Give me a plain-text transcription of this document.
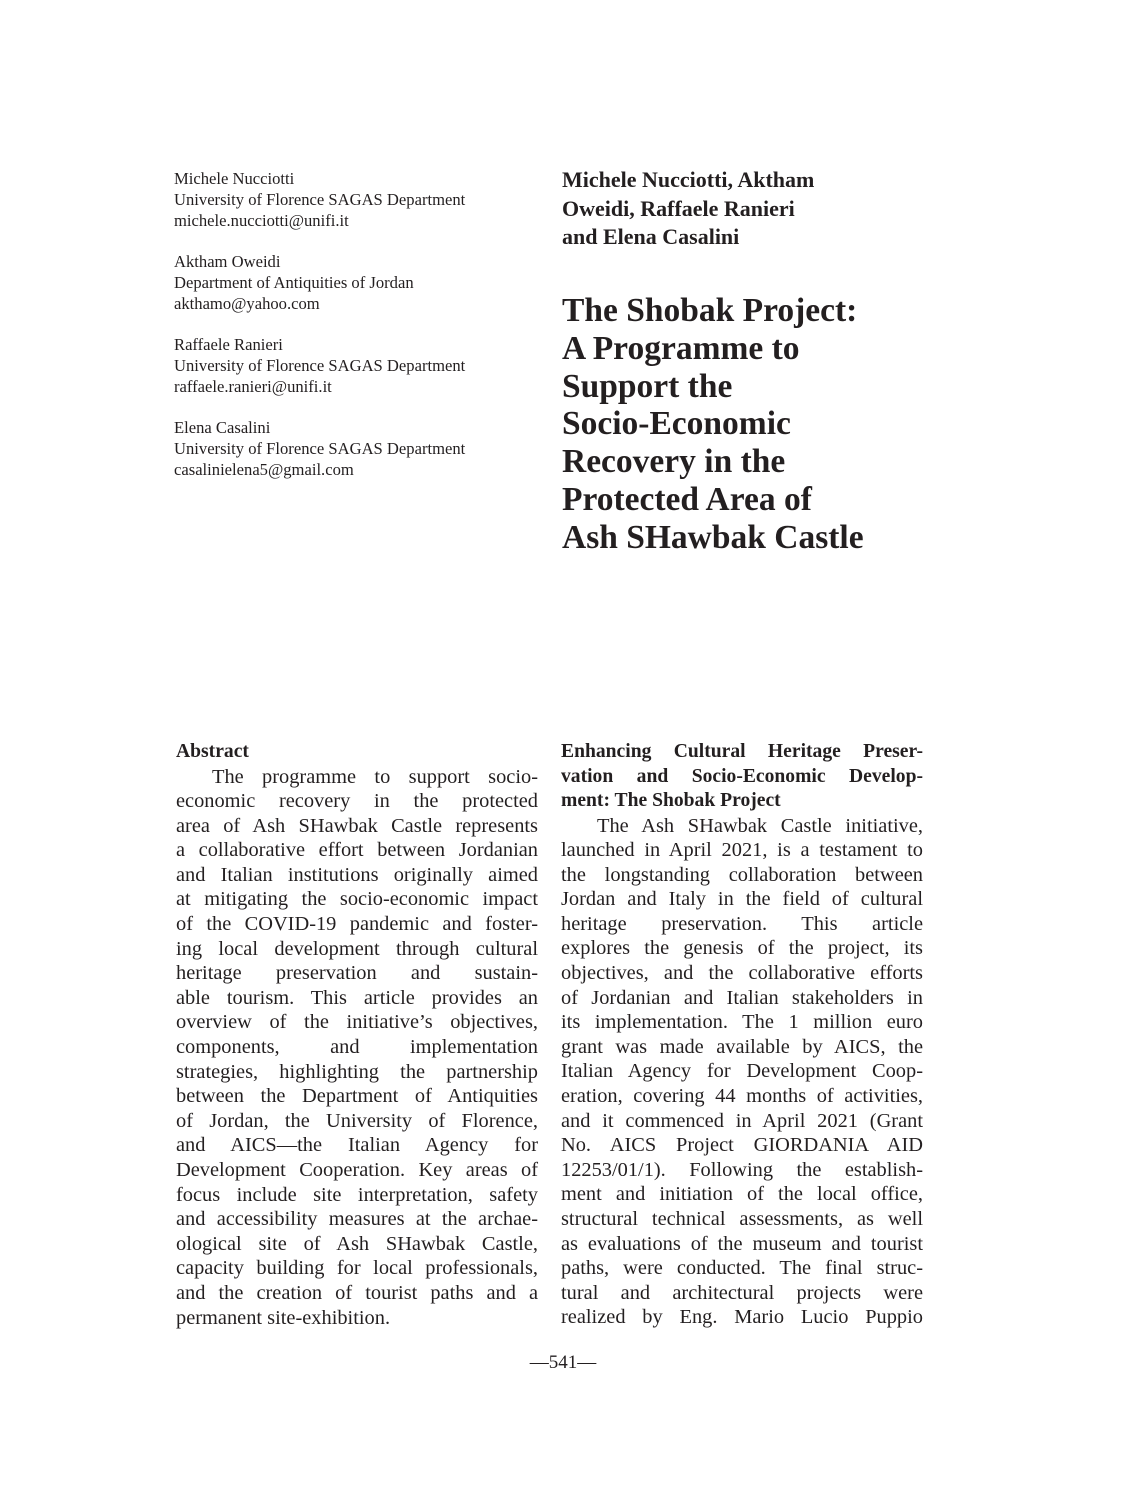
Michele Nucciotti
University of Florence SAGAS Department
michele.nucciotti@unifi.it
Aktham Oweidi
Department of Antiquities of Jordan
akthamo@yahoo.com
Raffaele Ranieri
University of Florence SAGAS Department
raffaele.ranieri@unifi.it
Elena Casalini
University of Florence SAGAS Department
casalinielena5@gmail.com
Michele Nucciotti, Aktham
Oweidi, Raffaele Ranieri
and Elena Casalini
The Shobak Project:
A Programme to
Support the
Socio-Economic
Recovery in the
Protected Area of
Ash SHawbak Castle
Abstract
The programme to support socio-
economic recovery in the protected
area of Ash SHawbak Castle represents
a collaborative effort between Jordanian
and Italian institutions originally aimed
at mitigating the socio-economic impact
of the COVID-19 pandemic and foster-
ing local development through cultural
heritage preservation and sustain-
able tourism. This article provides an
overview of the initiative’s objectives,
components, and implementation
strategies, highlighting the partnership
between the Department of Antiquities
of Jordan, the University of Florence,
and AICS—the Italian Agency for
Development Cooperation. Key areas of
focus include site interpretation, safety
and accessibility measures at the archae-
ological site of Ash SHawbak Castle,
capacity building for local professionals,
and the creation of tourist paths and a
permanent site-exhibition.
Enhancing Cultural Heritage Preser-
vation and Socio-Economic Develop-
ment: The Shobak Project
The Ash SHawbak Castle initiative,
launched in April 2021, is a testament to
the longstanding collaboration between
Jordan and Italy in the field of cultural
heritage preservation. This article
explores the genesis of the project, its
objectives, and the collaborative efforts
of Jordanian and Italian stakeholders in
its implementation. The 1 million euro
grant was made available by AICS, the
Italian Agency for Development Coop-
eration, covering 44 months of activities,
and it commenced in April 2021 (Grant
No. AICS Project GIORDANIA AID
12253/01/1). Following the establish-
ment and initiation of the local office,
structural technical assessments, as well
as evaluations of the museum and tourist
paths, were conducted. The final struc-
tural and architectural projects were
realized by Eng. Mario Lucio Puppio
—541—
